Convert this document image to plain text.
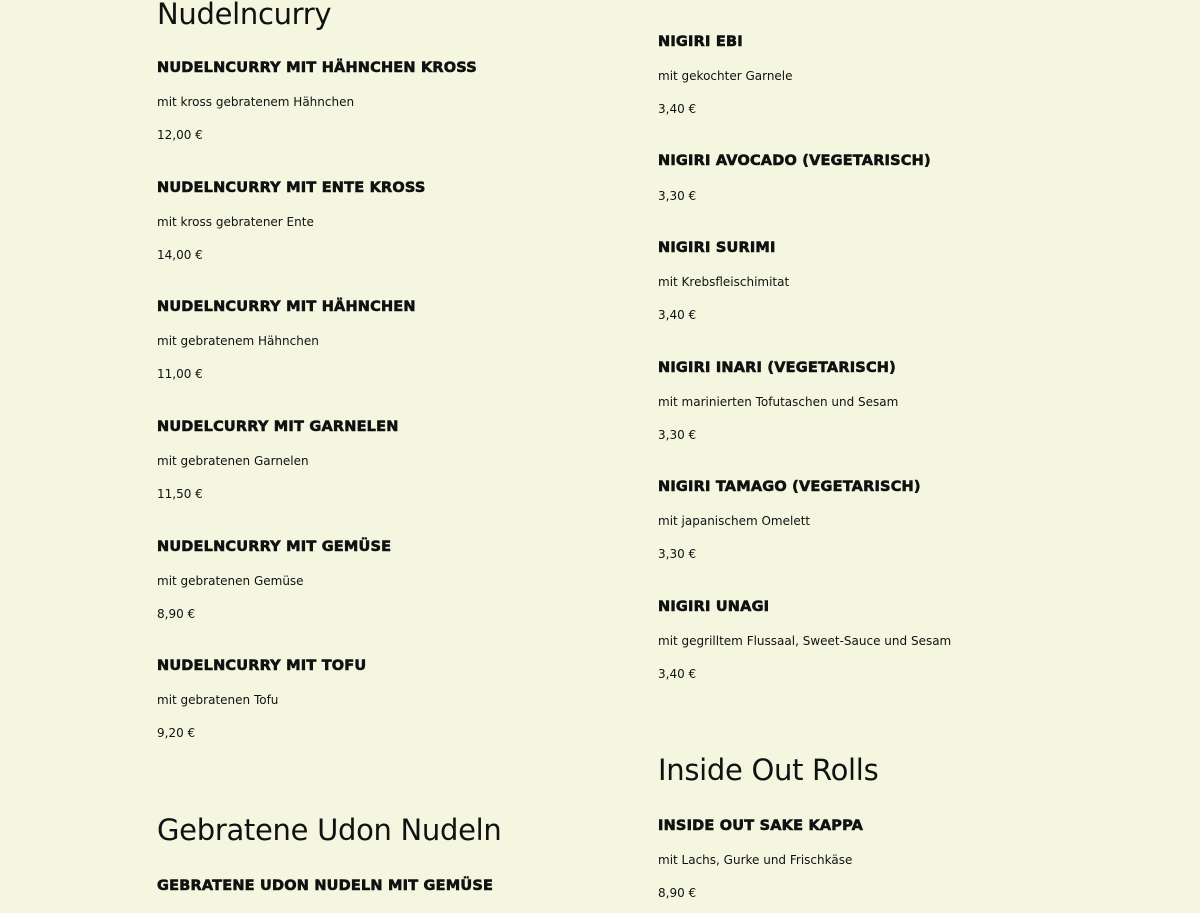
Nudelncurry
NUDELNCURRY MIT HÄHNCHEN KROSS
mit kross gebratenem Hähnchen
12,00 €
NUDELNCURRY MIT ENTE KROSS
mit kross gebratener Ente
14,00 €
NUDELNCURRY MIT HÄHNCHEN
mit gebratenem Hähnchen
11,00 €
NUDELCURRY MIT GARNELEN
mit gebratenen Garnelen
11,50 €
NUDELNCURRY MIT GEMÜSE
mit gebratenen Gemüse
8,90 €
NUDELNCURRY MIT TOFU
mit gebratenen Tofu
9,20 €
Gebratene Udon Nudeln
GEBRATENE UDON NUDELN MIT GEMÜSE
NIGIRI EBI
mit gekochter Garnele
3,40 €
NIGIRI AVOCADO (VEGETARISCH)
3,30 €
NIGIRI SURIMI
mit Krebsfleischimitat
3,40 €
NIGIRI INARI (VEGETARISCH)
mit marinierten Tofutaschen und Sesam
3,30 €
NIGIRI TAMAGO (VEGETARISCH)
mit japanischem Omelett
3,30 €
NIGIRI UNAGI
mit gegrilltem Flussaal, Sweet-Sauce und Sesam
3,40 €
Inside Out Rolls
INSIDE OUT SAKE KAPPA
mit Lachs, Gurke und Frischkäse
8,90 €
